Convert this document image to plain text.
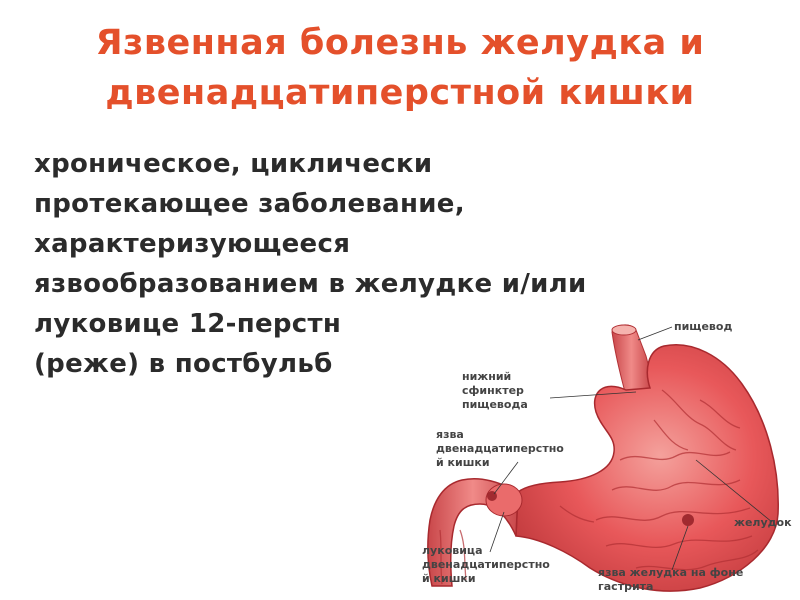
Язвенная болезнь желудка и
двенадцатиперстной кишки
хроническое, циклически
протекающее заболевание,
характеризующееся
язвообразованием в желудке и/или
луковице 12-перстн
(реже) в постбульб
пищевод
нижний
сфинктер
пищевода
язва
двенадцатиперстно
й кишки
желудок
луковица
двенадцатиперстно
й кишки	язва желудка на фоне
гастрита
